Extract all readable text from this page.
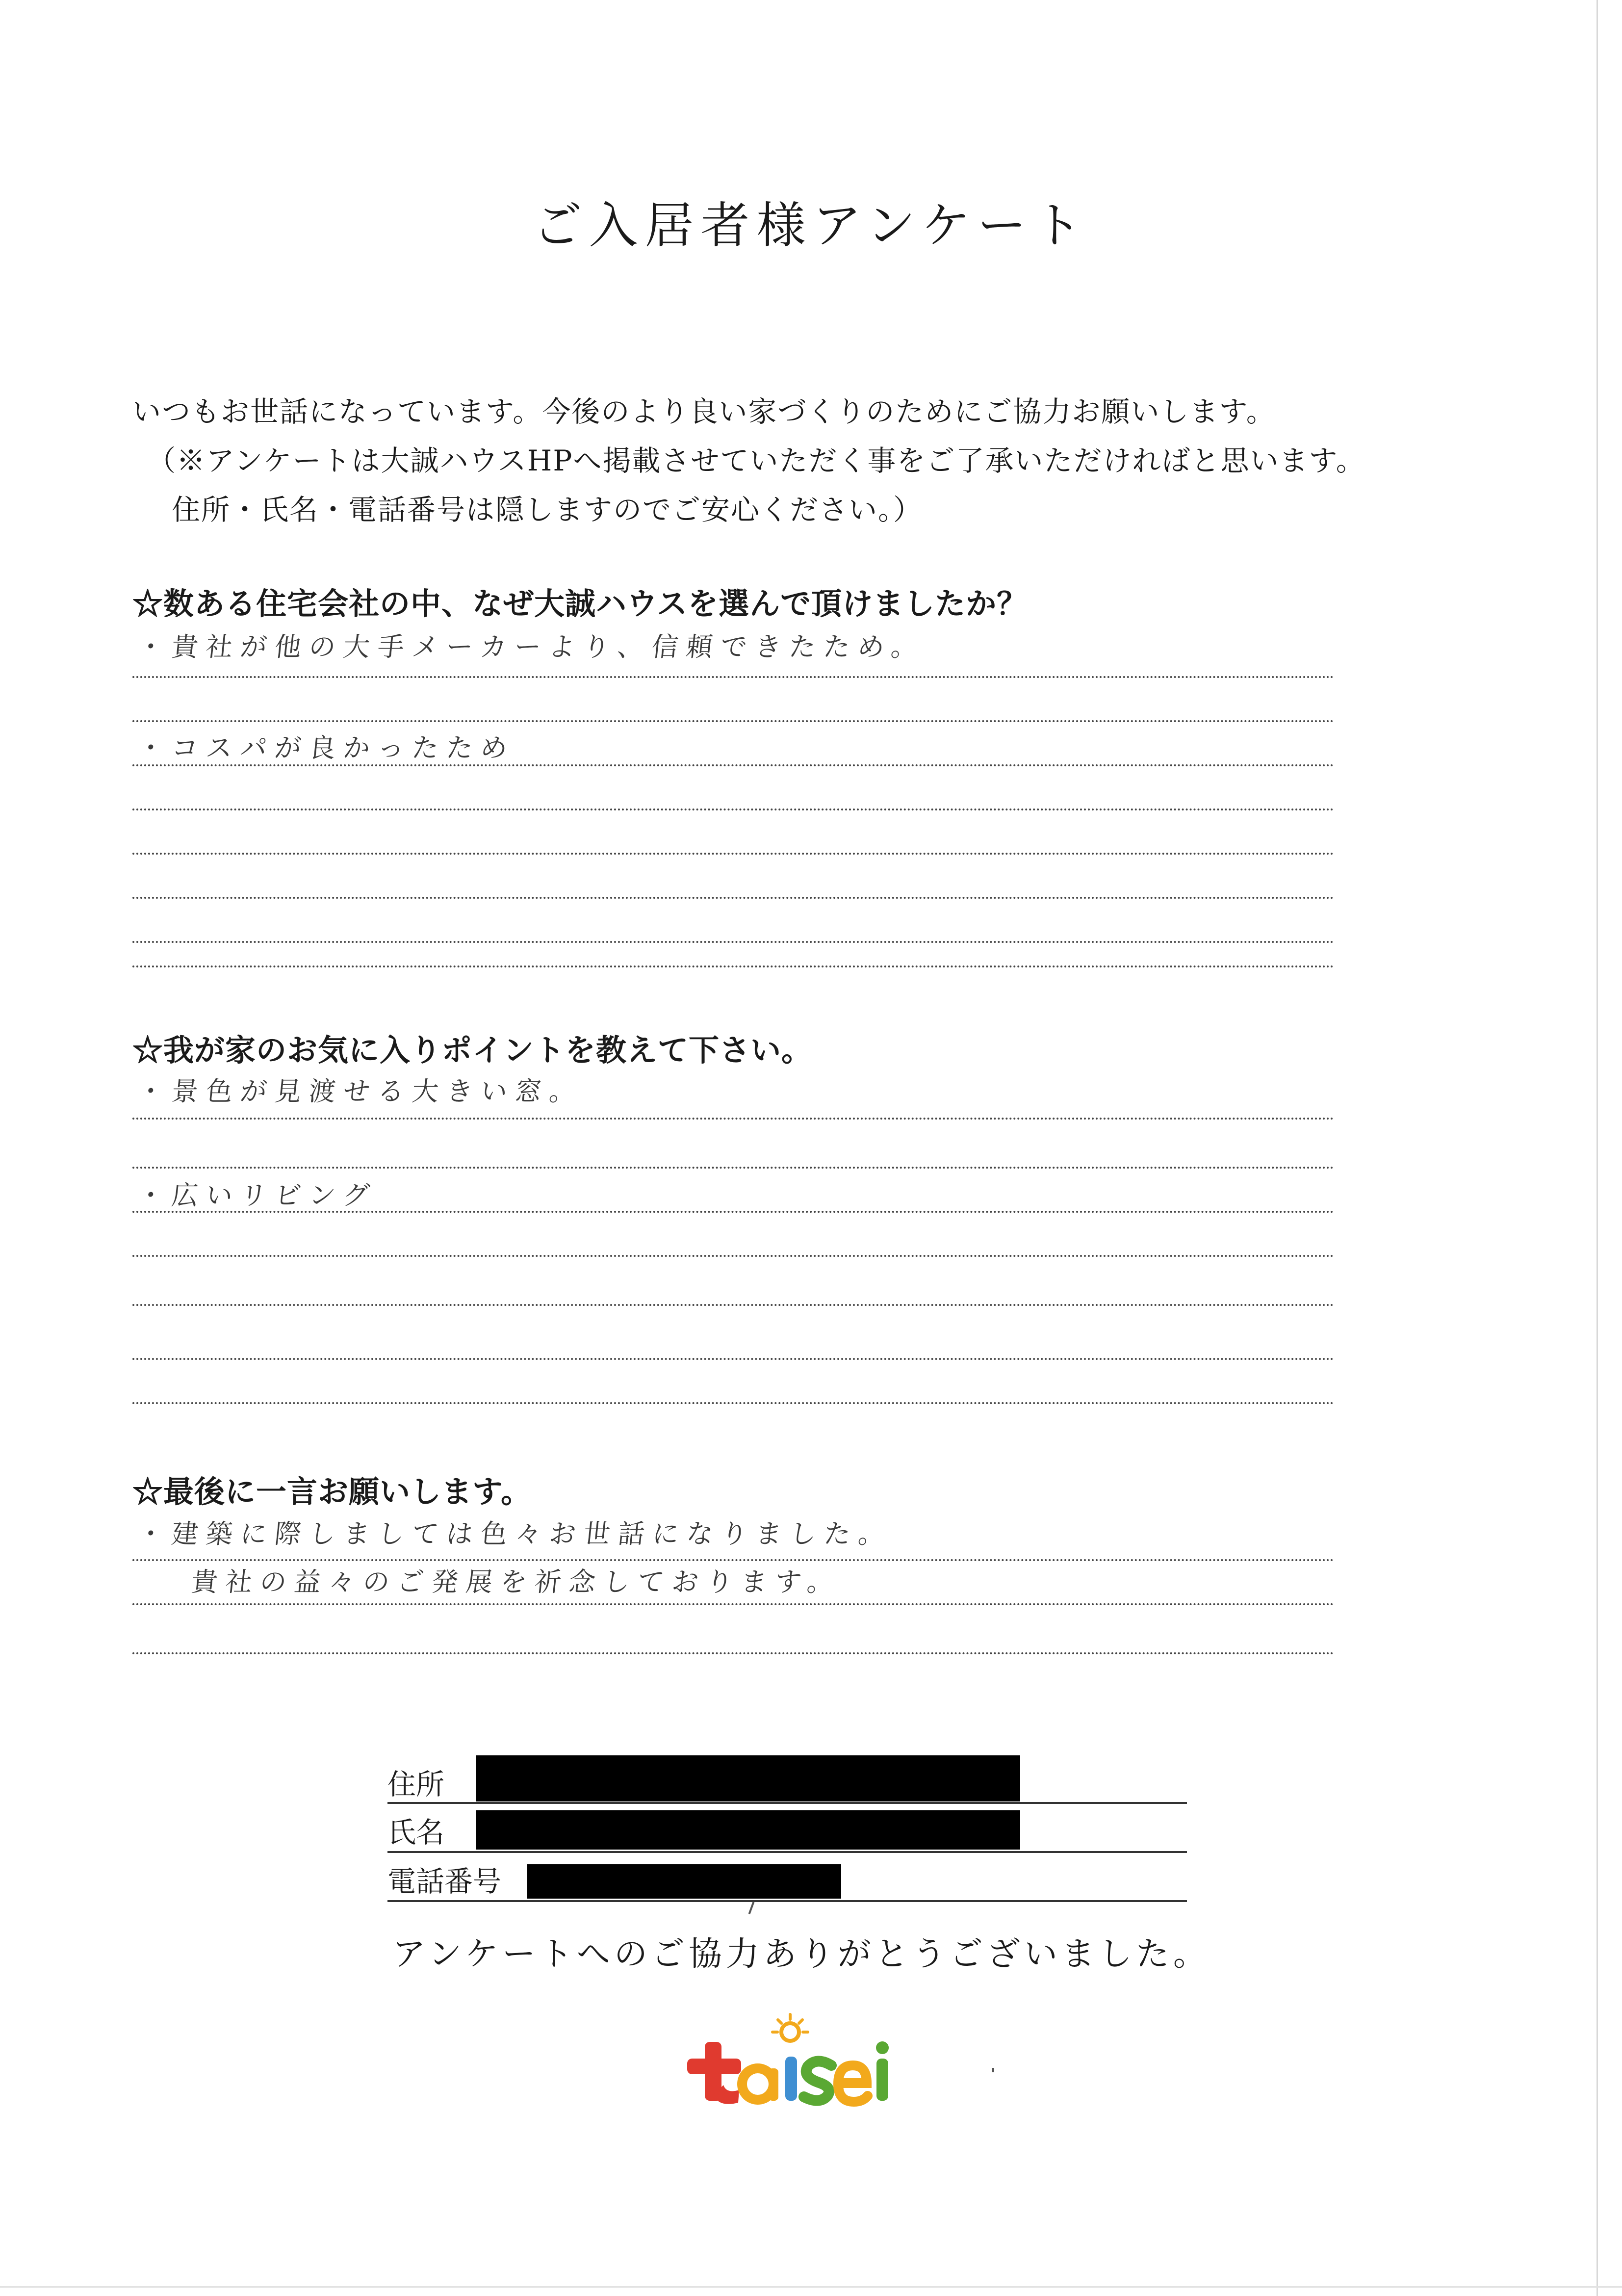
ご入居者様アンケート
いつもお世話になっています。今後のより良い家づくりのためにご協力お願いします。
（※アンケートは大誠ハウスHPへ掲載させていただく事をご了承いただければと思います。
住所・氏名・電話番号は隠しますのでご安心ください。）
☆数ある住宅会社の中、なぜ大誠ハウスを選んで頂けましたか？
・貴社が他の大手メーカーより、信頼できたため。
・コスパが良かったため
☆我が家のお気に入りポイントを教えて下さい。
・景色が見渡せる大きい窓。
・広いリビング
☆最後に一言お願いします。
・建築に際しましては色々お世話になりました。
貴社の益々のご発展を祈念しております。
住所
氏名
電話番号
アンケートへのご協力ありがとうございました。
